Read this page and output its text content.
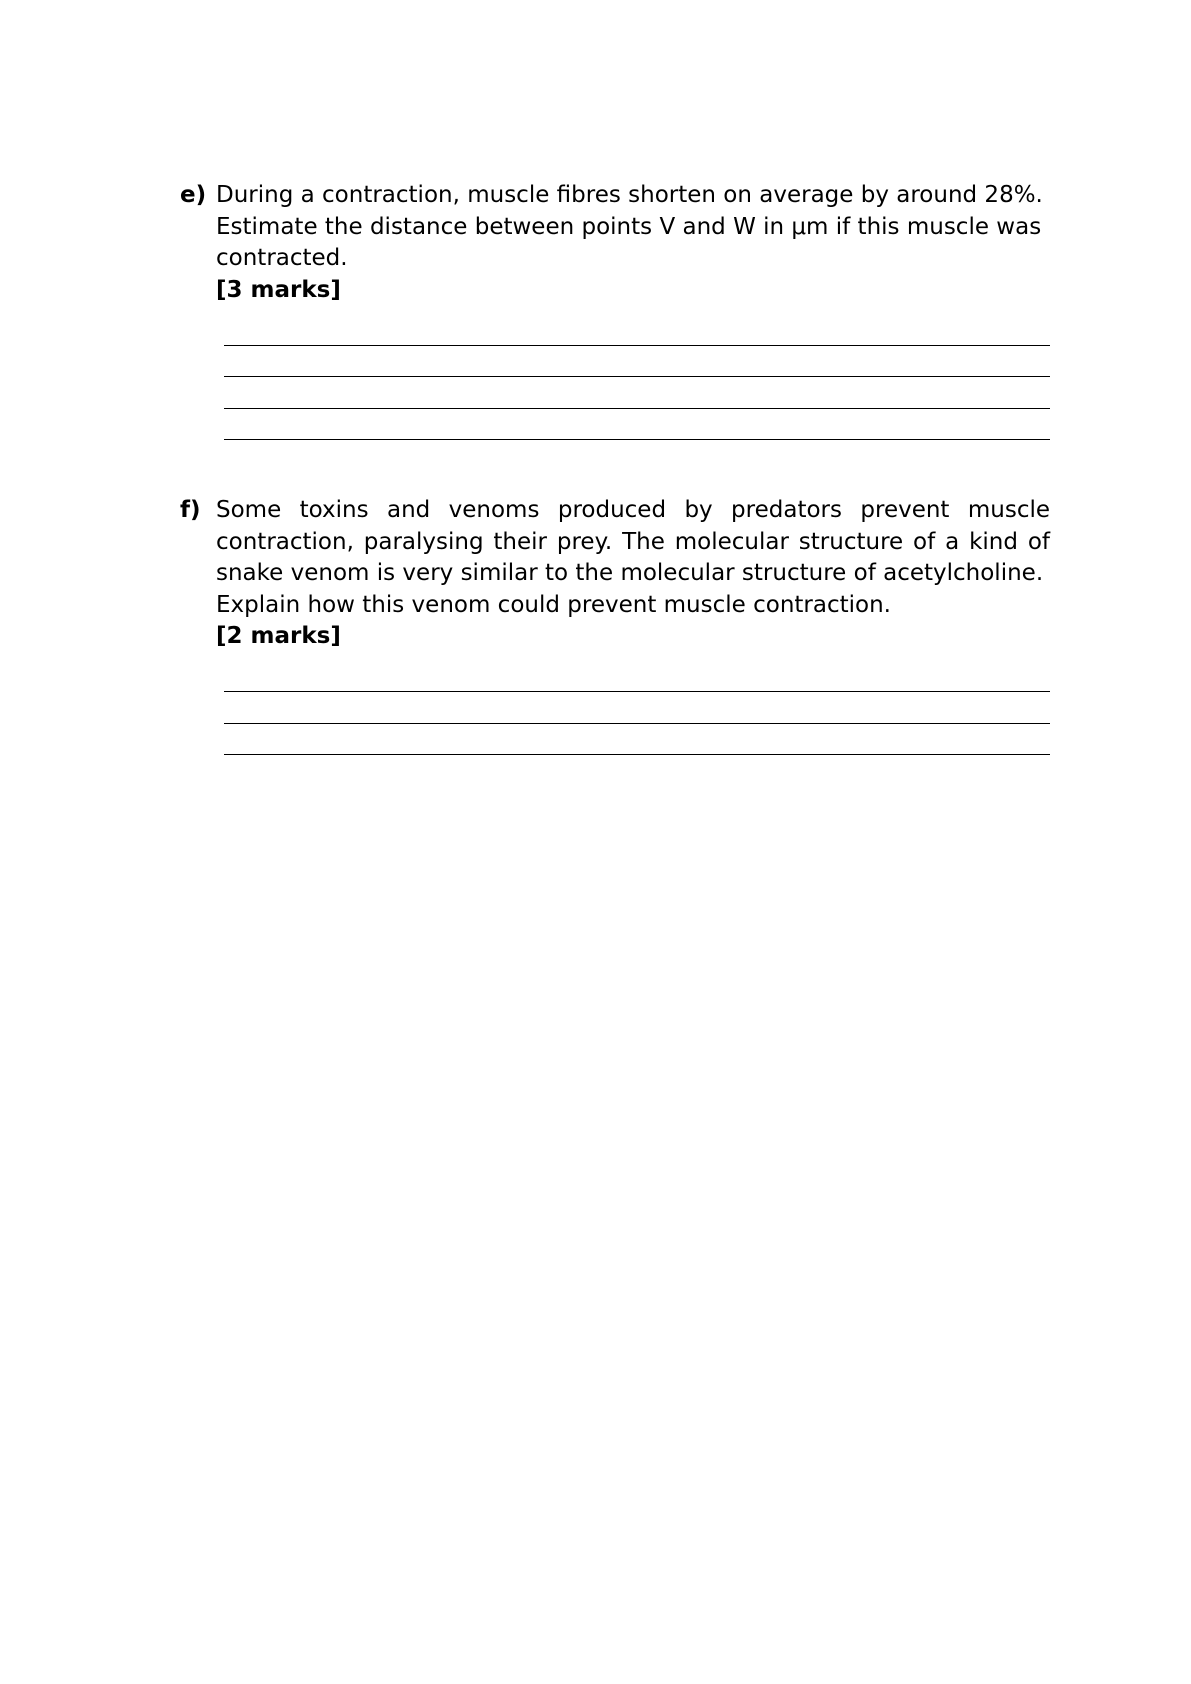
e) During a contraction, muscle fibres shorten on average by around 28%.

Estimate the distance between points V and W in μm if this muscle was contracted.

[3 marks]

f) Some toxins and venoms produced by predators prevent muscle contraction, paralysing their prey. The molecular structure of a kind of snake venom is very similar to the molecular structure of acetylcholine.

Explain how this venom could prevent muscle contraction.

[2 marks]
